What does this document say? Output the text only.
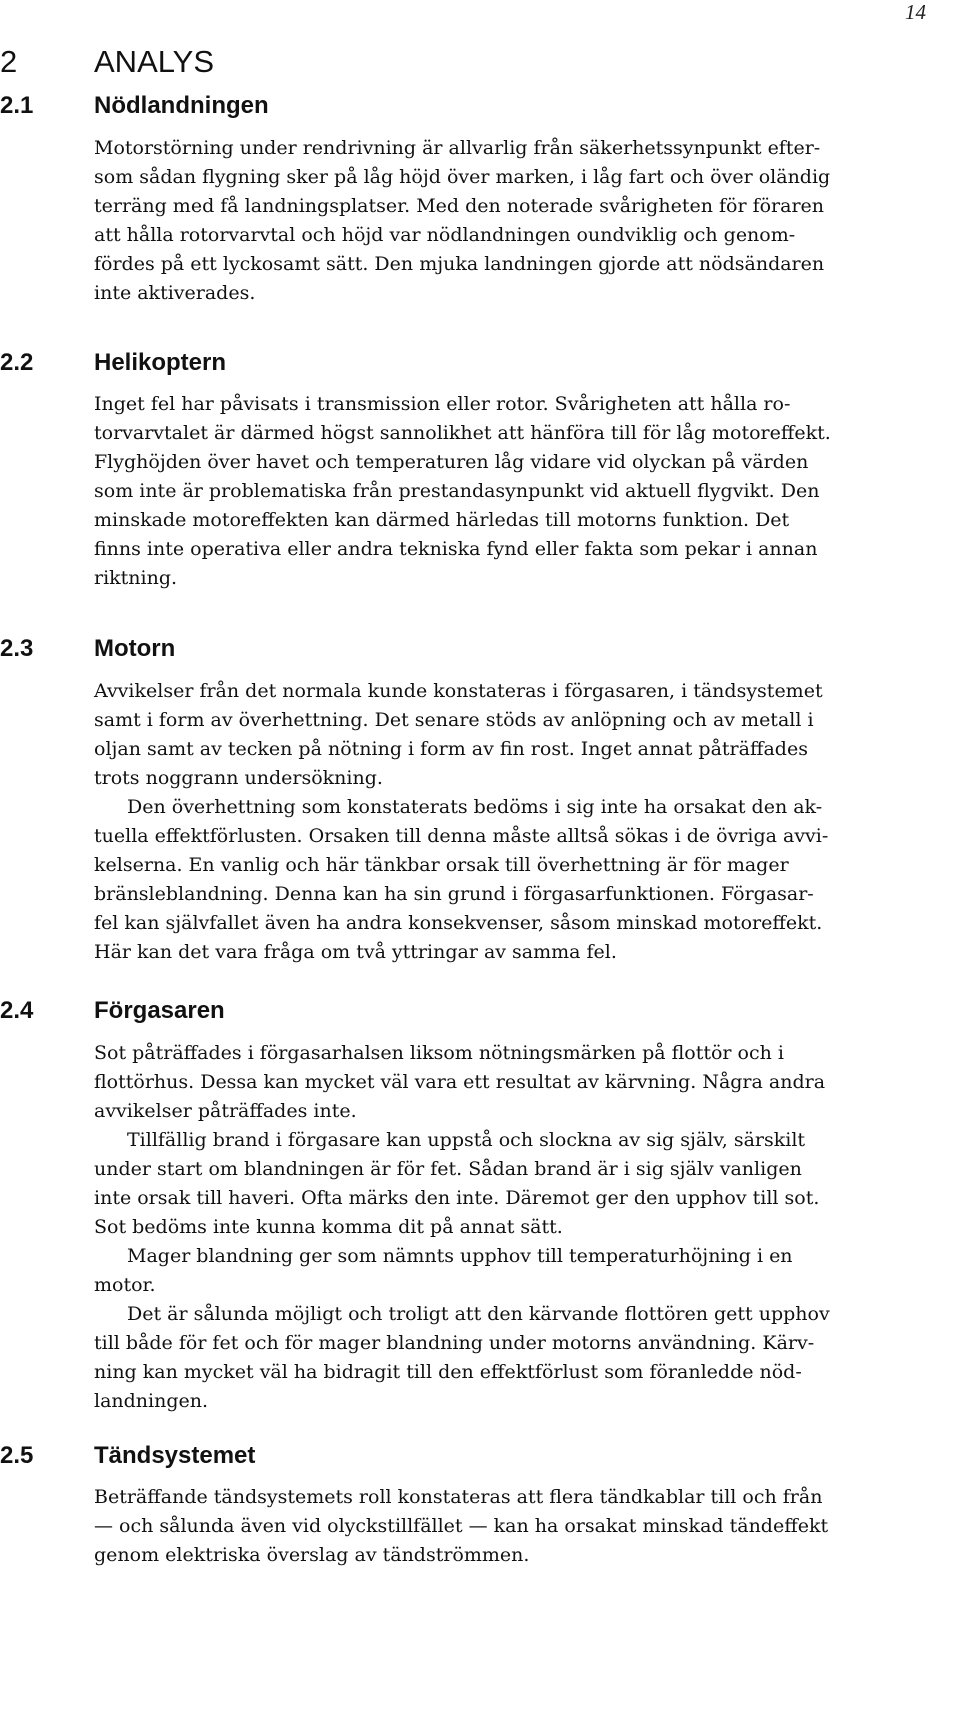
14
2 ANALYS
2.1	Nödlandningen
Motorstörning under rendrivning är allvarlig från säkerhetssynpunkt efter-
som sådan flygning sker på låg höjd över marken, i låg fart och över oländig
terräng med få landningsplatser. Med den noterade svårigheten för föraren
att hålla rotorvarvtal och höjd var nödlandningen oundviklig och genom-
fördes på ett lyckosamt sätt. Den mjuka landningen gjorde att nödsändaren
inte aktiverades.
2.2	Helikoptern
Inget fel har påvisats i transmission eller rotor. Svårigheten att hålla ro-
torvarvtalet är därmed högst sannolikhet att hänföra till för låg motoreffekt.
Flyghöjden över havet och temperaturen låg vidare vid olyckan på värden
som inte är problematiska från prestandasynpunkt vid aktuell flygvikt. Den
minskade motoreffekten kan därmed härledas till motorns funktion. Det
finns inte operativa eller andra tekniska fynd eller fakta som pekar i annan
riktning.
2.3	Motorn
Avvikelser från det normala kunde konstateras i förgasaren, i tändsystemet
samt i form av överhettning. Det senare stöds av anlöpning och av metall i
oljan samt av tecken på nötning i form av fin rost. Inget annat påträffades
trots noggrann undersökning.
Den överhettning som konstaterats bedöms i sig inte ha orsakat den ak-
tuella effektförlusten. Orsaken till denna måste alltså sökas i de övriga avvi-
kelserna. En vanlig och här tänkbar orsak till överhettning är för mager
bränsleblandning. Denna kan ha sin grund i förgasarfunktionen. Förgasar-
fel kan självfallet även ha andra konsekvenser, såsom minskad motoreffekt.
Här kan det vara fråga om två yttringar av samma fel.
2.4	Förgasaren
Sot påträffades i förgasarhalsen liksom nötningsmärken på flottör och i
flottörhus. Dessa kan mycket väl vara ett resultat av kärvning. Några andra
avvikelser påträffades inte.
Tillfällig brand i förgasare kan uppstå och slockna av sig själv, särskilt
under start om blandningen är för fet. Sådan brand är i sig själv vanligen
inte orsak till haveri. Ofta märks den inte. Däremot ger den upphov till sot.
Sot bedöms inte kunna komma dit på annat sätt.
Mager blandning ger som nämnts upphov till temperaturhöjning i en
motor.
Det är sålunda möjligt och troligt att den kärvande flottören gett upphov
till både för fet och för mager blandning under motorns användning. Kärv-
ning kan mycket väl ha bidragit till den effektförlust som föranledde nöd-
landningen.
2.5	Tändsystemet
Beträffande tändsystemets roll konstateras att flera tändkablar till och från
— och sålunda även vid olyckstillfället — kan ha orsakat minskad tändeffekt
genom elektriska överslag av tändströmmen.
